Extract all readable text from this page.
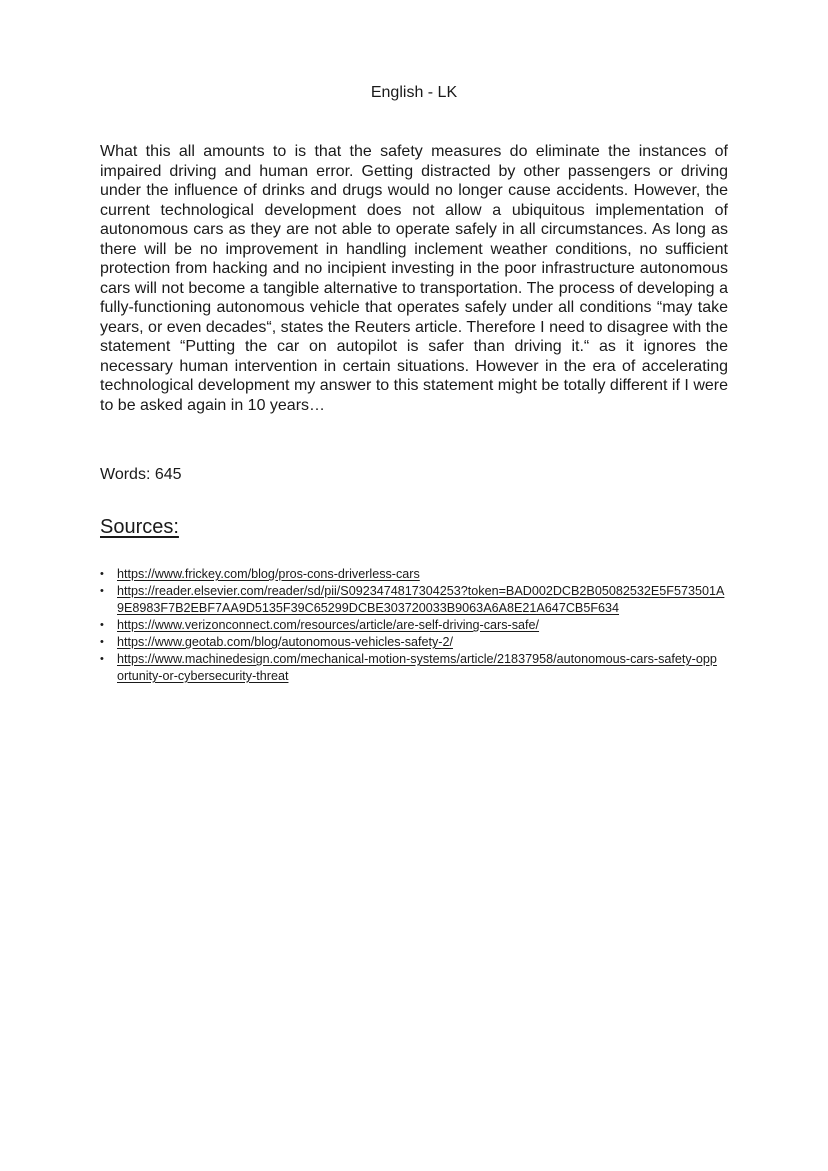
English - LK

What this all amounts to is that the safety measures do eliminate the instances of impaired driving and human error. Getting distracted by other passengers or driving under the influence of drinks and drugs would no longer cause accidents. However, the current technological development does not allow a ubiquitous implementation of autonomous cars as they are not able to operate safely in all circumstances. As long as there will be no improvement in handling inclement weather conditions, no sufficient protection from hacking and no incipient investing in the poor infrastructure autonomous cars will not become a tangible alternative to transportation. The process of developing a fully-functioning autonomous vehicle that operates safely under all conditions “may take years, or even decades“, states the Reuters article. Therefore I need to disagree with the statement “Putting the car on autopilot is safer than driving it.“ as it ignores the necessary human intervention in certain situations. However in the era of accelerating technological development my answer to this statement might be totally different if I were to be asked again in 10 years…

Words: 645
Sources:
• https://www.frickey.com/blog/pros-cons-driverless-cars
• https://reader.elsevier.com/reader/sd/pii/S0923474817304253?token=BAD002DCB2B05082532E5F573501A9E8983F7B2EBF7AA9D5135F39C65299DCBE303720033B9063A6A8E21A647CB5F634
• https://www.verizonconnect.com/resources/article/are-self-driving-cars-safe/
• https://www.geotab.com/blog/autonomous-vehicles-safety-2/
• https://www.machinedesign.com/mechanical-motion-systems/article/21837958/autonomous-cars-safety-opportunity-or-cybersecurity-threat
